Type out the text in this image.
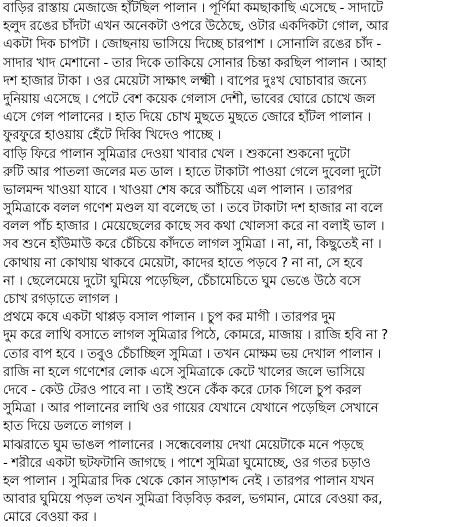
বাড়ির রাস্তায় মেজাজে হাঁটছিল পালান । পূর্ণিমা কমছাকাছি এসেছে - সাদাটে
হলুদ রঙের চাঁদটা এখন অনেকটা ওপরে উঠেছে, ওটার একদিকটা গোল, আর
একটা দিক চাপটা । জোছনায় ভাসিয়ে দিচ্ছে চারপাশ । সোনালি রঙের চাঁদ -
সাদার খাদ মেশানো - তার দিকে তাকিয়ে সোনার চিন্তা করছিল পালান । আহা
দশ হাজার টাকা । ওর মেয়েটা সাক্ষাৎ লক্ষ্মী । বাপের দুঃখ ঘোচাবার জন্যে
দুনিয়ায় এসেছে । পেটে বেশ কয়েক গেলাস দেশী, ভাবের ঘোরে চোখে জল
এসে গেল পালানের । হাত দিয়ে চোখ মুছতে মুছতে জোরে হাঁটল পালান ।
ফুরফুরে হাওয়ায় হেঁটে দিব্বি খিদেও পাচ্ছে ।
বাড়ি ফিরে পালান সুমিত্রার দেওয়া খাবার খেল । শুকনো শুকনো দুটো
রুটি আর পাতলা জলের মত ডাল । হাতে টাকাটা পাওয়া গেলে দুবেলা দুটো
ভালমন্দ খাওয়া যাবে । খাওয়া শেষ করে আঁচিয়ে এল পালান । তারপর
সুমিত্রাকে বলল গণেশ মণ্ডল যা বলেছে তা । তবে টাকাটা দশ হাজার না বলে
বলল পাঁচ হাজার । মেয়েছেলের কাছে সব কথা খোলসা করে না বলাই ভাল ।
সব শুনে হাঁউমাউ করে চেঁচিয়ে কাঁদতে লাগল সুমিত্রা । না, না, কিছুতেই না ।
কোথায় না কোথায় থাকবে মেয়েটা, কাদের হাতে পড়বে ? না না, সে হবে
না । ছেলেমেয়ে দুটো ঘুমিয়ে পড়েছিল, চেঁচামেচিতে ঘুম ভেঙে উঠে বসে
চোখ রগড়াতে লাগল ।
প্রথমে কষে একটা থাপ্পড় বসাল পালান । চুপ কর মাগী । তারপর দুম
দুম করে লাথি বসাতে লাগল সুমিত্রার পিঠে, কোমরে, মাজায় । রাজি হবি না ?
তোর বাপ হবে । তবুও চেঁচাচ্ছিল সুমিত্রা । তখন মোক্ষম ভয় দেখাল পালান ।
রাজি না হলে গণেশের লোক এসে সুমিত্রাকে কেটে খালের জলে ভাসিয়ে
দেবে - কেউ টেরও পাবে না । তাই শুনে কেঁক করে ঢোক গিলে চুপ করল
সুমিত্রা । আর পালানের লাথি ওর গায়ের যেখানে যেখানে পড়েছিল সেখানে
হাত দিয়ে ডলতে লাগল ।
মাঝরাতে ঘুম ভাঙল পালানের । সন্ধেবেলায় দেখা মেয়েটাকে মনে পড়ছে
- শরীরে একটা ছটফটানি জাগছে । পাশে সুমিত্রা ঘুমোচ্ছে, ওর গতর চড়াও
হল পালান । সুমিত্রার দিক থেকে কোন সাড়াশব্দ নেই । তারপর পালান যখন
আবার ঘুমিয়ে পড়ল তখন সুমিত্রা বিড়বিড় করল, ভগমান, মোরে বেওয়া কর,
মোরে বেওয়া কর ।
